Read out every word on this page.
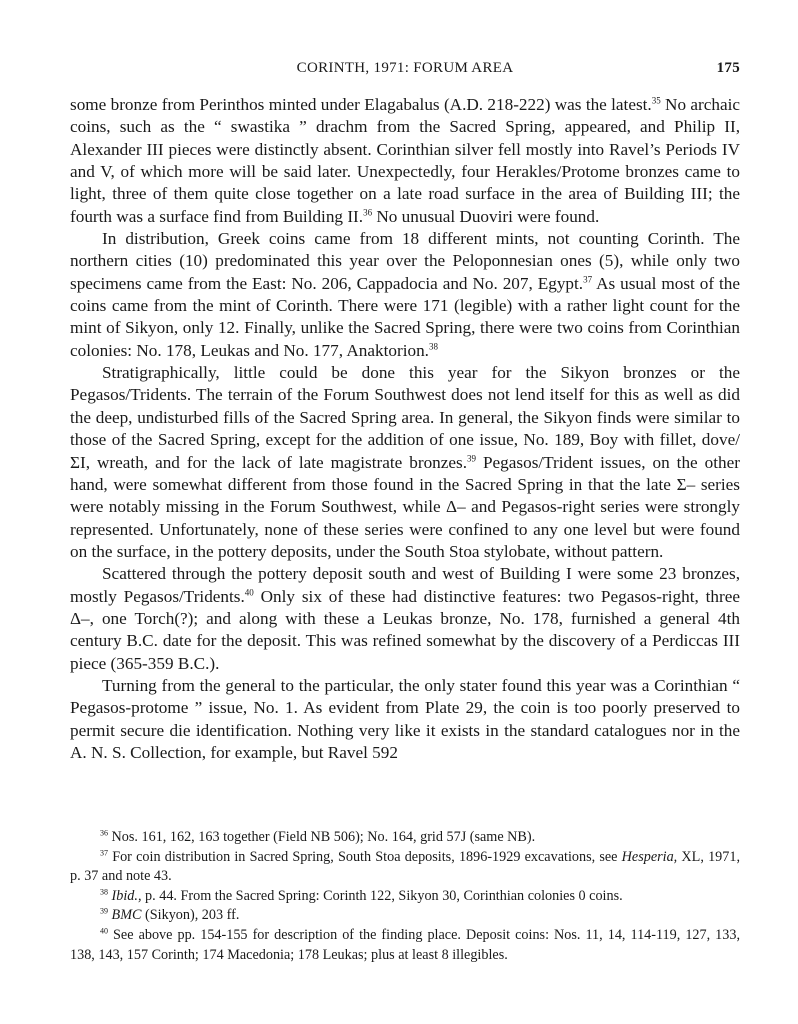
CORINTH, 1971: FORUM AREA	175

some bronze from Perinthos minted under Elagabalus (A.D. 218-222) was the latest.$^{35}$ No archaic coins, such as the “ swastika ” drachm from the Sacred Spring, appeared, and Philip II, Alexander III pieces were distinctly absent. Corinthian silver fell mostly into Ravel’s Periods IV and V, of which more will be said later. Unexpectedly, four Herakles/Protome bronzes came to light, three of them quite close together on a late road surface in the area of Building III; the fourth was a surface find from Building II.$^{36}$ No unusual Duoviri were found.

In distribution, Greek coins came from 18 different mints, not counting Corinth. The northern cities (10) predominated this year over the Peloponnesian ones (5), while only two specimens came from the East: No. 206, Cappadocia and No. 207, Egypt.$^{37}$ As usual most of the coins came from the mint of Corinth. There were 171 (legible) with a rather light count for the mint of Sikyon, only 12. Finally, unlike the Sacred Spring, there were two coins from Corinthian colonies: No. 178, Leukas and No. 177, Anaktorion.$^{38}$

Stratigraphically, little could be done this year for the Sikyon bronzes or the Pegasos/Tridents. The terrain of the Forum Southwest does not lend itself for this as well as did the deep, undisturbed fills of the Sacred Spring area. In general, the Sikyon finds were similar to those of the Sacred Spring, except for the addition of one issue, No. 189, Boy with fillet, dove/ΣΙ, wreath, and for the lack of late magistrate bronzes.$^{39}$ Pegasos/Trident issues, on the other hand, were somewhat different from those found in the Sacred Spring in that the late Σ– series were notably missing in the Forum Southwest, while Δ– and Pegasos-right series were strongly represented. Unfortunately, none of these series were confined to any one level but were found on the surface, in the pottery deposits, under the South Stoa stylobate, without pattern.

Scattered through the pottery deposit south and west of Building I were some 23 bronzes, mostly Pegasos/Tridents.$^{40}$ Only six of these had distinctive features: two Pegasos-right, three Δ–, one Torch(?); and along with these a Leukas bronze, No. 178, furnished a general 4th century B.C. date for the deposit. This was refined somewhat by the discovery of a Perdiccas III piece (365-359 B.C.).

Turning from the general to the particular, the only stater found this year was a Corinthian “ Pegasos-protome ” issue, No. 1. As evident from Plate 29, the coin is too poorly preserved to permit secure die identification. Nothing very like it exists in the standard catalogues nor in the A. N. S. Collection, for example, but Ravel 592

$^{36}$ Nos. 161, 162, 163 together (Field NB 506); No. 164, grid 57J (same NB).

$^{37}$ For coin distribution in Sacred Spring, South Stoa deposits, 1896-1929 excavations, see Hesperia, XL, 1971, p. 37 and note 43.

$^{38}$ Ibid., p. 44. From the Sacred Spring: Corinth 122, Sikyon 30, Corinthian colonies 0 coins.

$^{39}$ BMC (Sikyon), 203 ff.

$^{40}$ See above pp. 154-155 for description of the finding place. Deposit coins: Nos. 11, 14, 114-119, 127, 133, 138, 143, 157 Corinth; 174 Macedonia; 178 Leukas; plus at least 8 illegibles.
